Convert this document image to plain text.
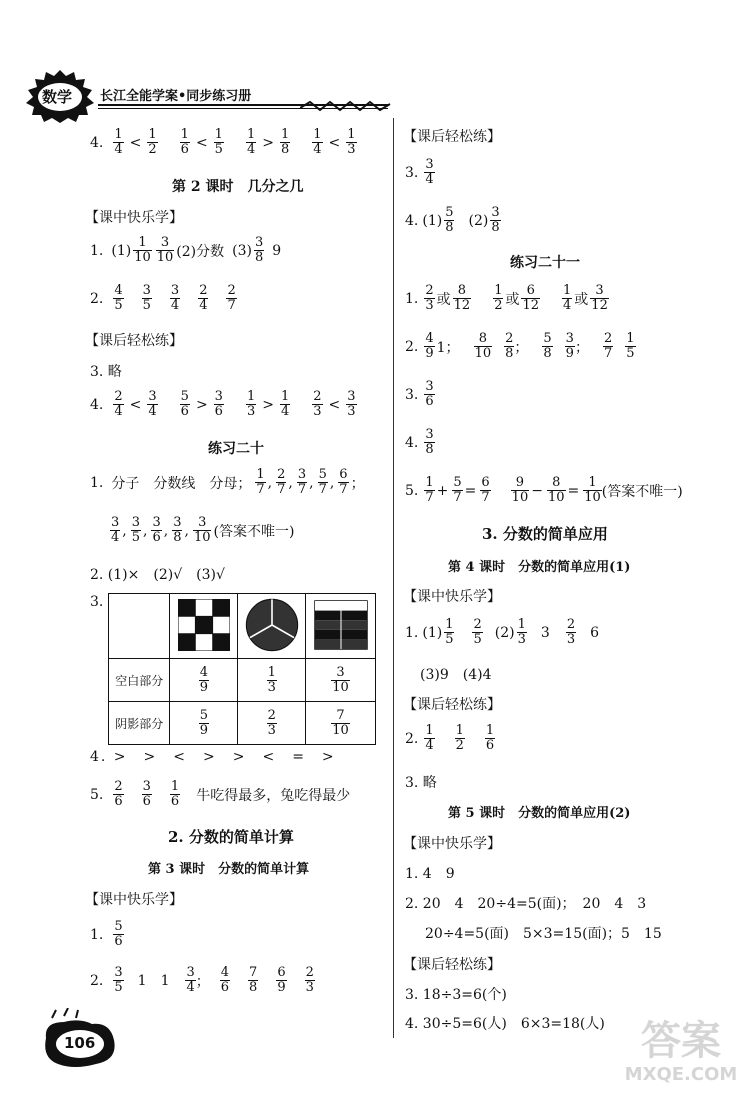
数学 长江全能学案•同步练习册
4. $\frac{1}{4} < \frac{1}{2} \frac{1}{6} < \frac{1}{5} \frac{1}{4} > \frac{1}{8} \frac{1}{4} < \frac{1}{3}$
第 2 课时　几分之几
【课中快乐学】
1. $(1) \frac{1}{10} \frac{3}{10} (2)$分数 $(3) \frac{3}{8} 9$
2. $\frac{4}{5} \frac{3}{5} \frac{3}{4} \frac{2}{4} \frac{2}{7}$
【课后轻松练】
3. 略
4. $\frac{2}{4} < \frac{3}{4} \frac{5}{6} > \frac{3}{6} \frac{1}{3} > \frac{1}{4} \frac{2}{3} < \frac{3}{3}$
练习二十
1. 分子 分数线 分母； $\frac{1}{7}$ , $\frac{2}{7}$ , $\frac{3}{7}$ , $\frac{5}{7}$ , $\frac{6}{7}$ ；
$\frac{3}{4}$ , $\frac{3}{5}$ , $\frac{3}{6}$ , $\frac{3}{8}$ , $\frac{3}{10}$ (答案不唯一)
2. (1)×　(2)√　(3)√
3.

空白部分	$\frac{4}{9}$	$\frac{1}{3}$	$\frac{3}{10}$

阴影部分	$\frac{5}{9}$	$\frac{2}{3}$	$\frac{7}{10}$
4. >　>　<　>　>　<　=　>
5. $\frac{2}{6} \frac{3}{6} \frac{1}{6}$ 牛吃得最多，兔吃得最少
2. 分数的简单计算
第 3 课时　分数的简单计算
【课中快乐学】
1. $\frac{5}{6}$
2. $\frac{3}{5} 1$ $1 \frac{3}{4}$ ； $\frac{4}{6} \frac{7}{8} \frac{6}{9} \frac{2}{3}$
106
【课后轻松练】
3. $\frac{3}{4}$
4. $(1) \frac{5}{8} (2) \frac{3}{8}$
练习二十一
1. $\frac{2}{3}$ 或 $\frac{8}{12} \frac{1}{2}$ 或 $\frac{6}{12} \frac{1}{4}$ 或 $\frac{3}{12}$
2. $\frac{4}{9} 1$； $\frac{8}{10} \frac{2}{8}$ ； $\frac{5}{8} \frac{3}{9}$ ； $\frac{2}{7} \frac{1}{5}$
3. $\frac{3}{6}$
4. $\frac{3}{8}$
5. $\frac{1}{7} + \frac{5}{7} = \frac{6}{7} \frac{9}{10} - \frac{8}{10} = \frac{1}{10}$ (答案不唯一)
3. 分数的简单应用
第 4 课时　分数的简单应用(1)
【课中快乐学】
1. $(1) \frac{1}{5} \frac{2}{5} (2) \frac{1}{3} 3 \frac{2}{3} 6$
(3)9　(4)4
【课后轻松练】
2. $\frac{1}{4} \frac{1}{2} \frac{1}{6}$
3. 略
第 5 课时　分数的简单应用(2)
【课中快乐学】
1. 4　9
2. 20　4　20÷4=5(面)；　20　4　3
20÷4=5(面)　5×3=15(面)；5　15
【课后轻松练】
3. 18÷3=6(个)
4. 30÷5=6(人)　6×3=18(人) 答案
MXQE.COM
